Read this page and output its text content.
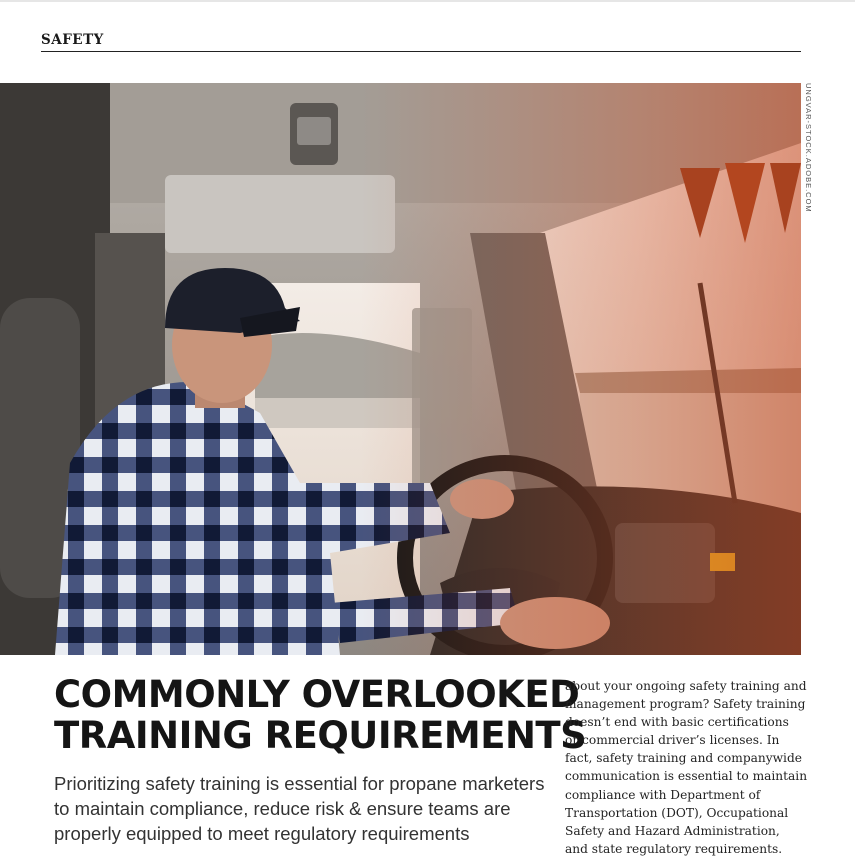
SAFETY
UNGVAR-STOCK.ADOBE.COM
COMMONLY OVERLOOKED
TRAINING REQUIREMENTS

Prioritizing safety training is essential for propane marketers
to maintain compliance, reduce risk & ensure teams are
properly equipped to meet regulatory requirements

about your ongoing safety training and
management program? Safety training
doesn’t end with basic certifications
or commercial driver’s licenses. In
fact, safety training and companywide
communication is essential to maintain
compliance with Department of
Transportation (DOT), Occupational
Safety and Hazard Administration,
and state regulatory requirements.
